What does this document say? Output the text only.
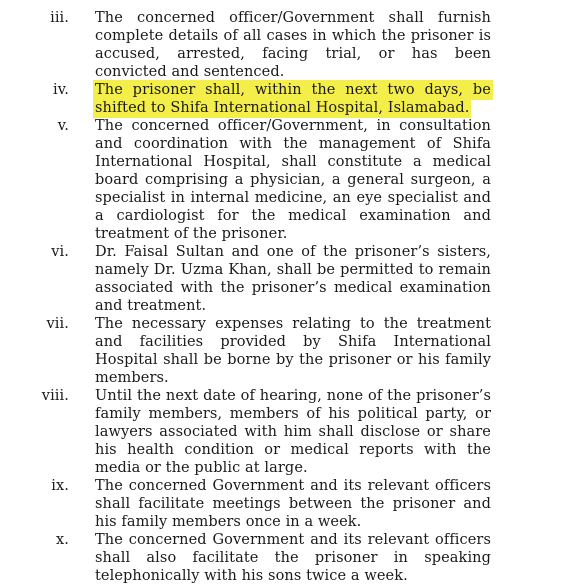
iii.	The concerned officer/Government shall furnish complete details of all cases in which the prisoner is accused, arrested, facing trial, or has been convicted and sentenced.
iv.	The prisoner shall, within the next two days, be shifted to Shifa International Hospital, Islamabad.
v.	The concerned officer/Government, in consultation and coordination with the management of Shifa International Hospital, shall constitute a medical board comprising a physician, a general surgeon, a specialist in internal medicine, an eye specialist and a cardiologist for the medical examination and treatment of the prisoner.
vi.	Dr. Faisal Sultan and one of the prisoner’s sisters, namely Dr. Uzma Khan, shall be permitted to remain associated with the prisoner’s medical examination and treatment.
vii.	The necessary expenses relating to the treatment and facilities provided by Shifa International Hospital shall be borne by the prisoner or his family members.
viii.	Until the next date of hearing, none of the prisoner’s family members, members of his political party, or lawyers associated with him shall disclose or share his health condition or medical reports with the media or the public at large.
ix.	The concerned Government and its relevant officers shall facilitate meetings between the prisoner and his family members once in a week.
x.	The concerned Government and its relevant officers shall also facilitate the prisoner in speaking telephonically with his sons twice a week.
